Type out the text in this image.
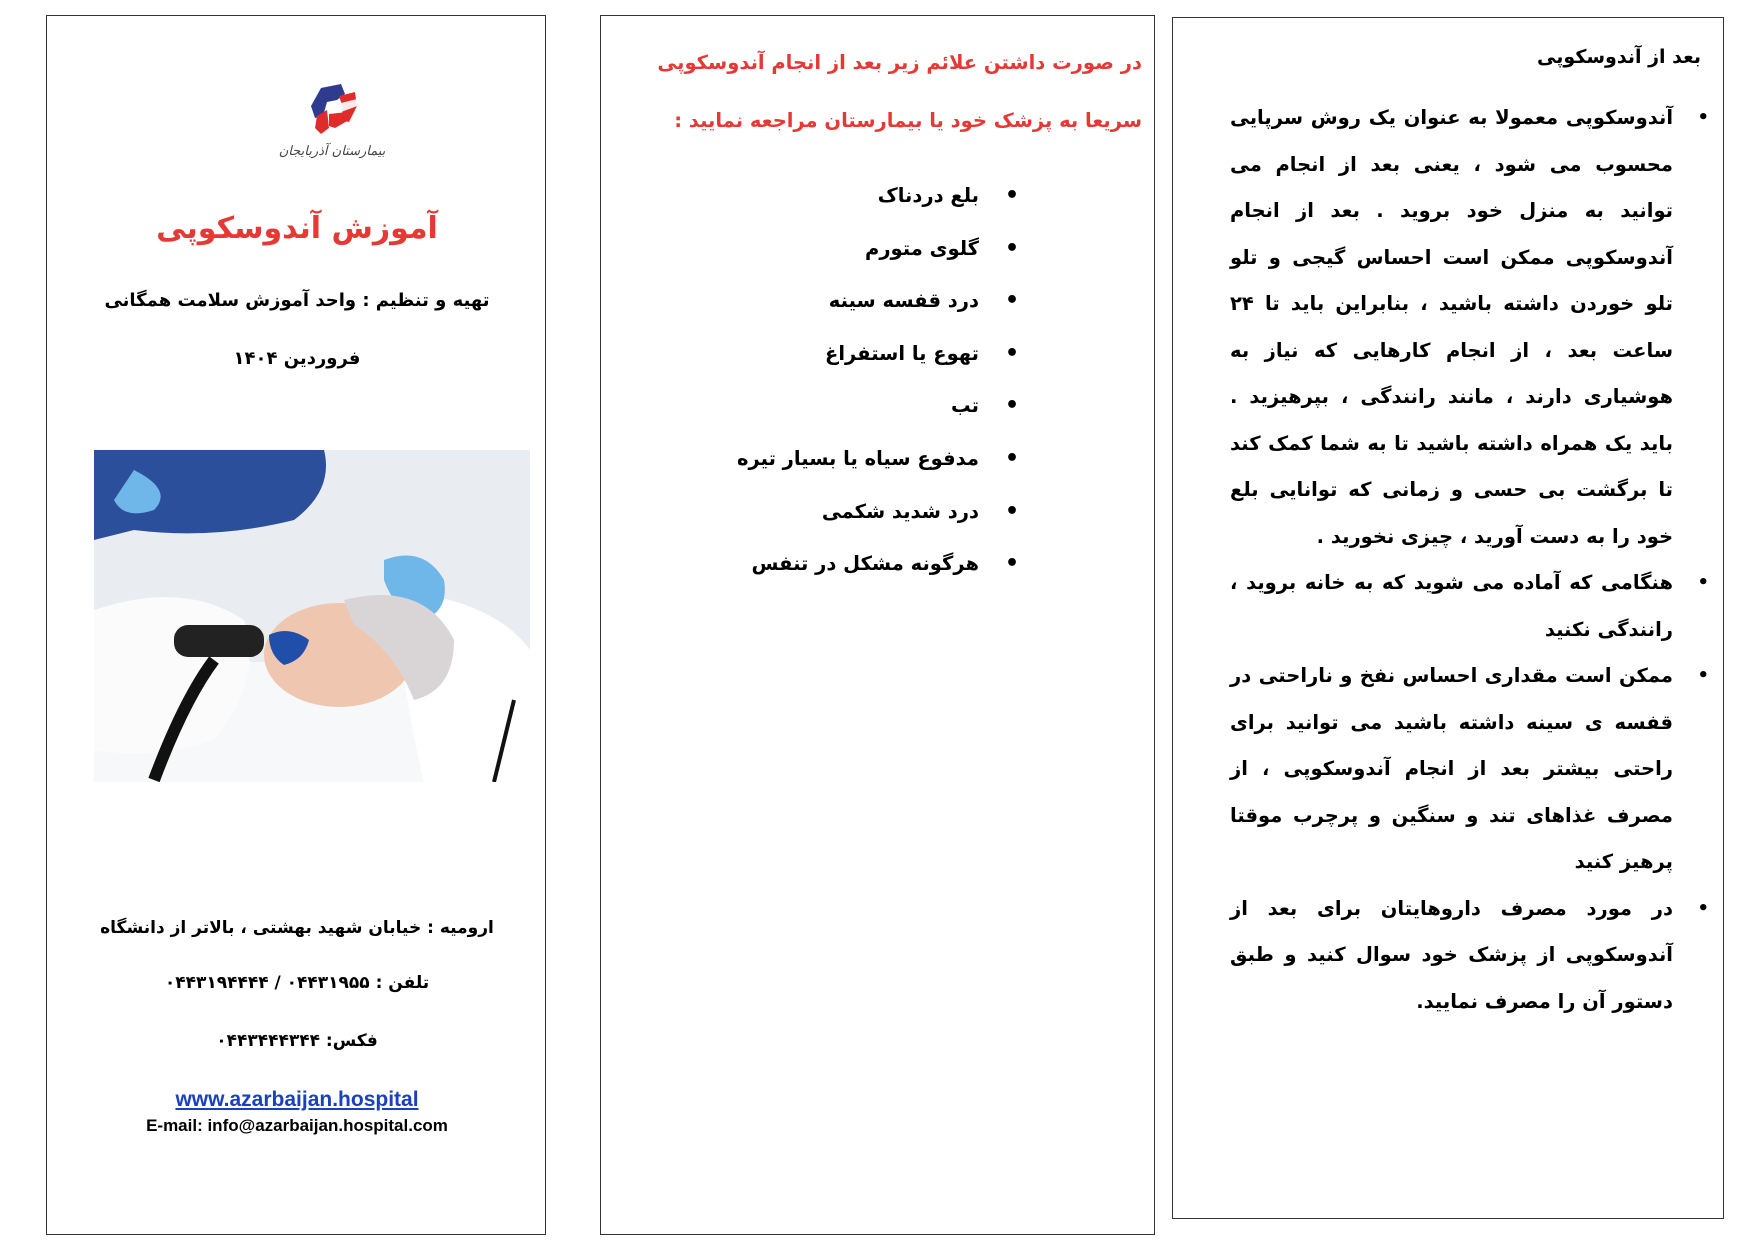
بیمارستان آذربایجان
آموزش آندوسکوپی
تهیه و تنظیم : واحد آموزش سلامت همگانی
فروردین ۱۴۰۴
ارومیه : خیابان شهید بهشتی ، بالاتر از دانشگاه
تلفن : ۰۴۴۳۱۹۵۵ / ۰۴۴۳۱۹۴۴۴۴
فکس: ۰۴۴۳۴۴۴۳۴۴
www.azarbaijan.hospital
E-mail: info@azarbaijan.hospital.com
در صورت داشتن علائم زیر بعد از انجام آندوسکوپی سریعا به پزشک خود یا بیمارستان مراجعه نمایید :
• بلع دردناک
• گلوی متورم
• درد قفسه سینه
• تهوع یا استفراغ
• تب
• مدفوع سیاه یا بسیار تیره
• درد شدید شکمی
• هرگونه مشکل در تنفس
بعد از آندوسکوپی
• آندوسکوپی معمولا به عنوان یک روش سرپایی محسوب می شود ، یعنی بعد از انجام می توانید به منزل خود بروید . بعد از انجام آندوسکوپی ممکن است احساس گیجی و تلو تلو خوردن داشته باشید ، بنابراین باید تا ۲۴ ساعت بعد ، از انجام کارهایی که نیاز به هوشیاری دارند ، مانند رانندگی ، بپرهیزید . باید یک همراه داشته باشید تا به شما کمک کند تا برگشت بی حسی و زمانی که توانایی بلع خود را به دست آورید ، چیزی نخورید .
• هنگامی که آماده می شوید که به خانه بروید ، رانندگی نکنید
• ممکن است مقداری احساس نفخ و ناراحتی در قفسه ی سینه داشته باشید می توانید برای راحتی بیشتر بعد از انجام آندوسکوپی ، از مصرف غذاهای تند و سنگین و پرچرب موقتا پرهیز کنید
• در مورد مصرف داروهایتان برای بعد از آندوسکوپی از پزشک خود سوال کنید و طبق دستور آن را مصرف نمایید.
